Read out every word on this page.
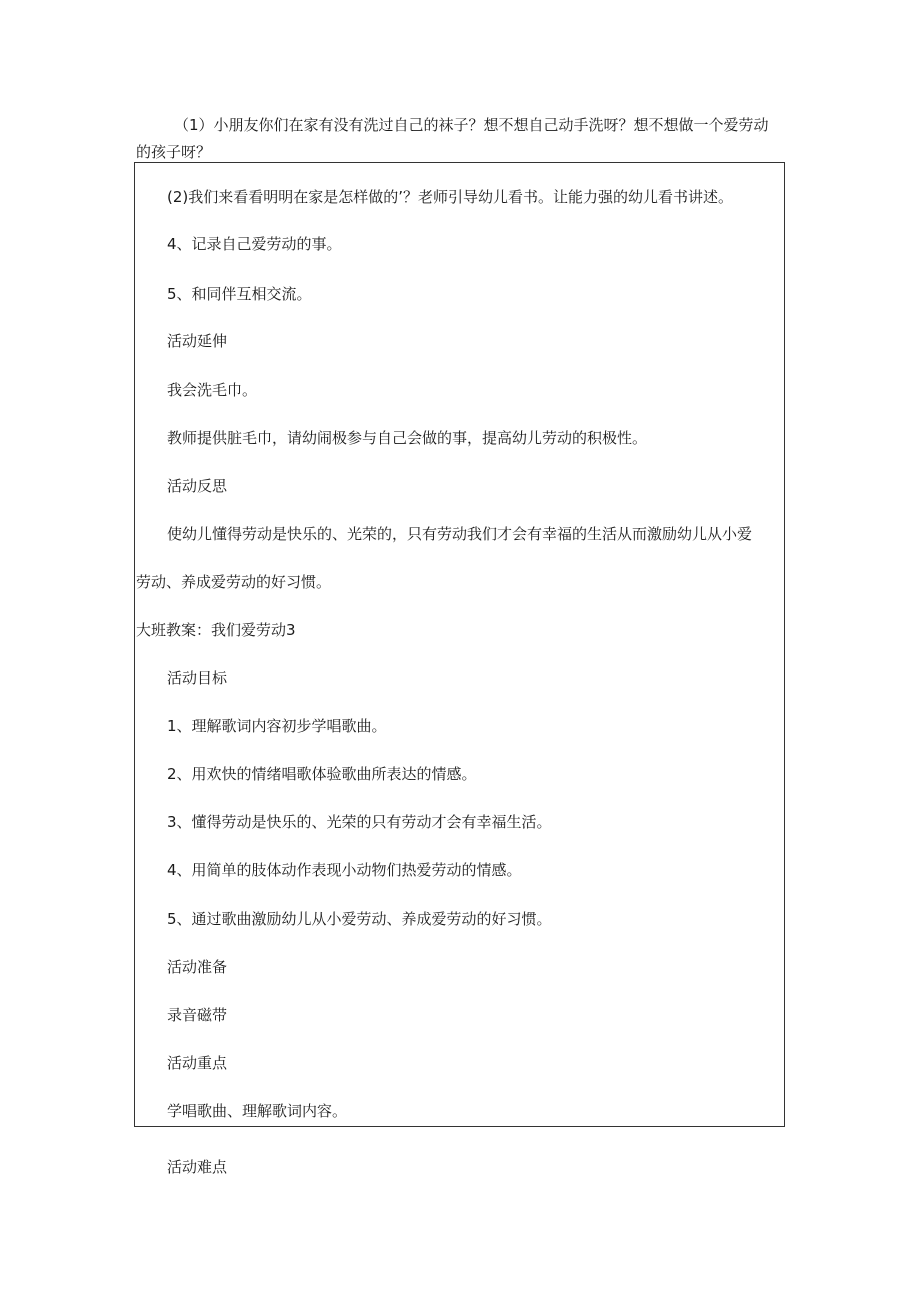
（1）小朋友你们在家有没有洗过自己的袜子？想不想自己动手洗呀？想不想做一个爱劳动
的孩子呀？
(2)我们来看看明明在家是怎样做的’？老师引导幼儿看书。让能力强的幼儿看书讲述。
4、记录自己爱劳动的事。
5、和同伴互相交流。
活动延伸
我会洗毛巾。
教师提供脏毛巾，请幼闹极参与自己会做的事，提高幼儿劳动的积极性。
活动反思
使幼儿懂得劳动是快乐的、光荣的，只有劳动我们才会有幸福的生活从而激励幼儿从小爱
劳动、养成爱劳动的好习惯。
大班教案：我们爱劳动3
活动目标
1、理解歌词内容初步学唱歌曲。
2、用欢快的情绪唱歌体验歌曲所表达的情感。
3、懂得劳动是快乐的、光荣的只有劳动才会有幸福生活。
4、用简单的肢体动作表现小动物们热爱劳动的情感。
5、通过歌曲激励幼儿从小爱劳动、养成爱劳动的好习惯。
活动准备
录音磁带
活动重点
学唱歌曲、理解歌词内容。
活动难点
